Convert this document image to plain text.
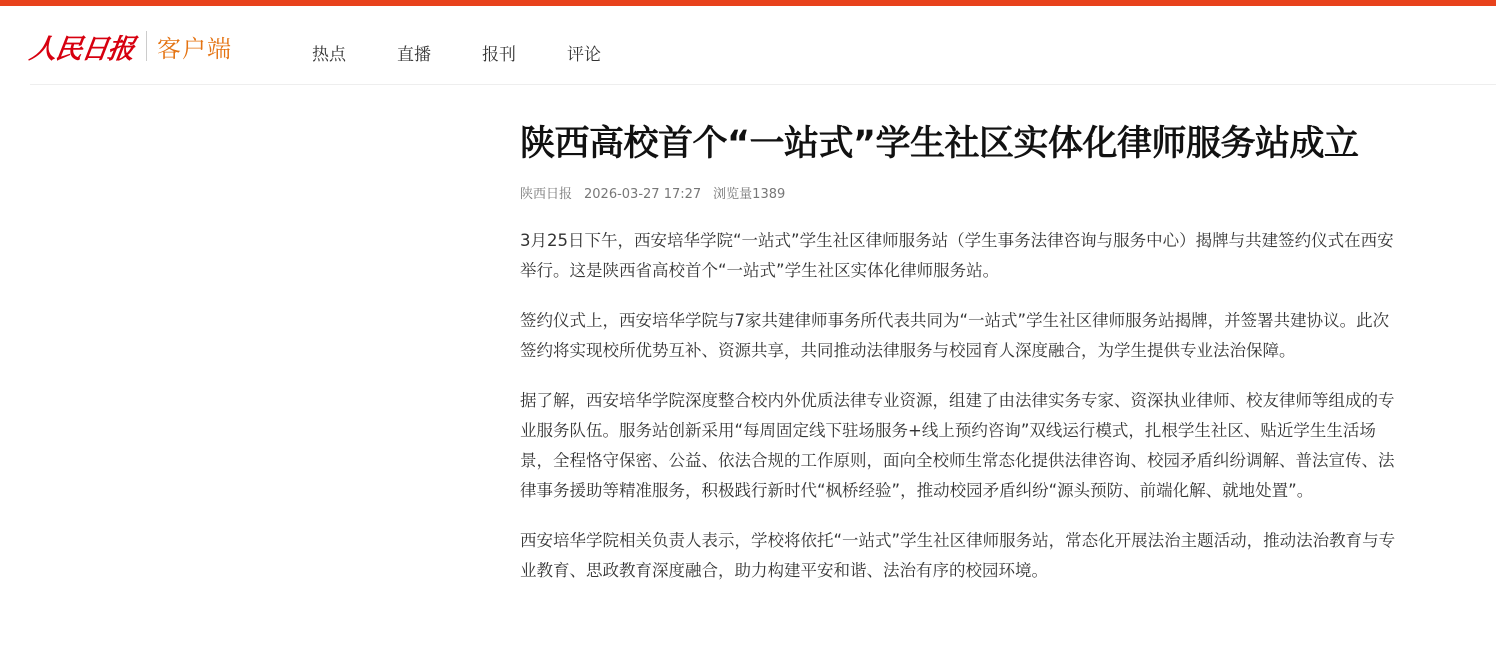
人民日报 客户端	热点	直播	报刊	评论
陕西高校首个“一站式”学生社区实体化律师服务站成立
陕西日报 2026-03-27 17:27 浏览量1389

3月25日下午，西安培华学院“一站式”学生社区律师服务站（学生事务法律咨询与服务中心）揭牌与共建签约仪式在西安举行。这是陕西省高校首个“一站式”学生社区实体化律师服务站。

签约仪式上，西安培华学院与7家共建律师事务所代表共同为“一站式”学生社区律师服务站揭牌，并签署共建协议。此次签约将实现校所优势互补、资源共享，共同推动法律服务与校园育人深度融合，为学生提供专业法治保障。

据了解，西安培华学院深度整合校内外优质法律专业资源，组建了由法律实务专家、资深执业律师、校友律师等组成的专业服务队伍。服务站创新采用“每周固定线下驻场服务+线上预约咨询”双线运行模式，扎根学生社区、贴近学生生活场景，全程恪守保密、公益、依法合规的工作原则，面向全校师生常态化提供法律咨询、校园矛盾纠纷调解、普法宣传、法律事务援助等精准服务，积极践行新时代“枫桥经验”，推动校园矛盾纠纷“源头预防、前端化解、就地处置”。

西安培华学院相关负责人表示，学校将依托“一站式”学生社区律师服务站，常态化开展法治主题活动，推动法治教育与专业教育、思政教育深度融合，助力构建平安和谐、法治有序的校园环境。
